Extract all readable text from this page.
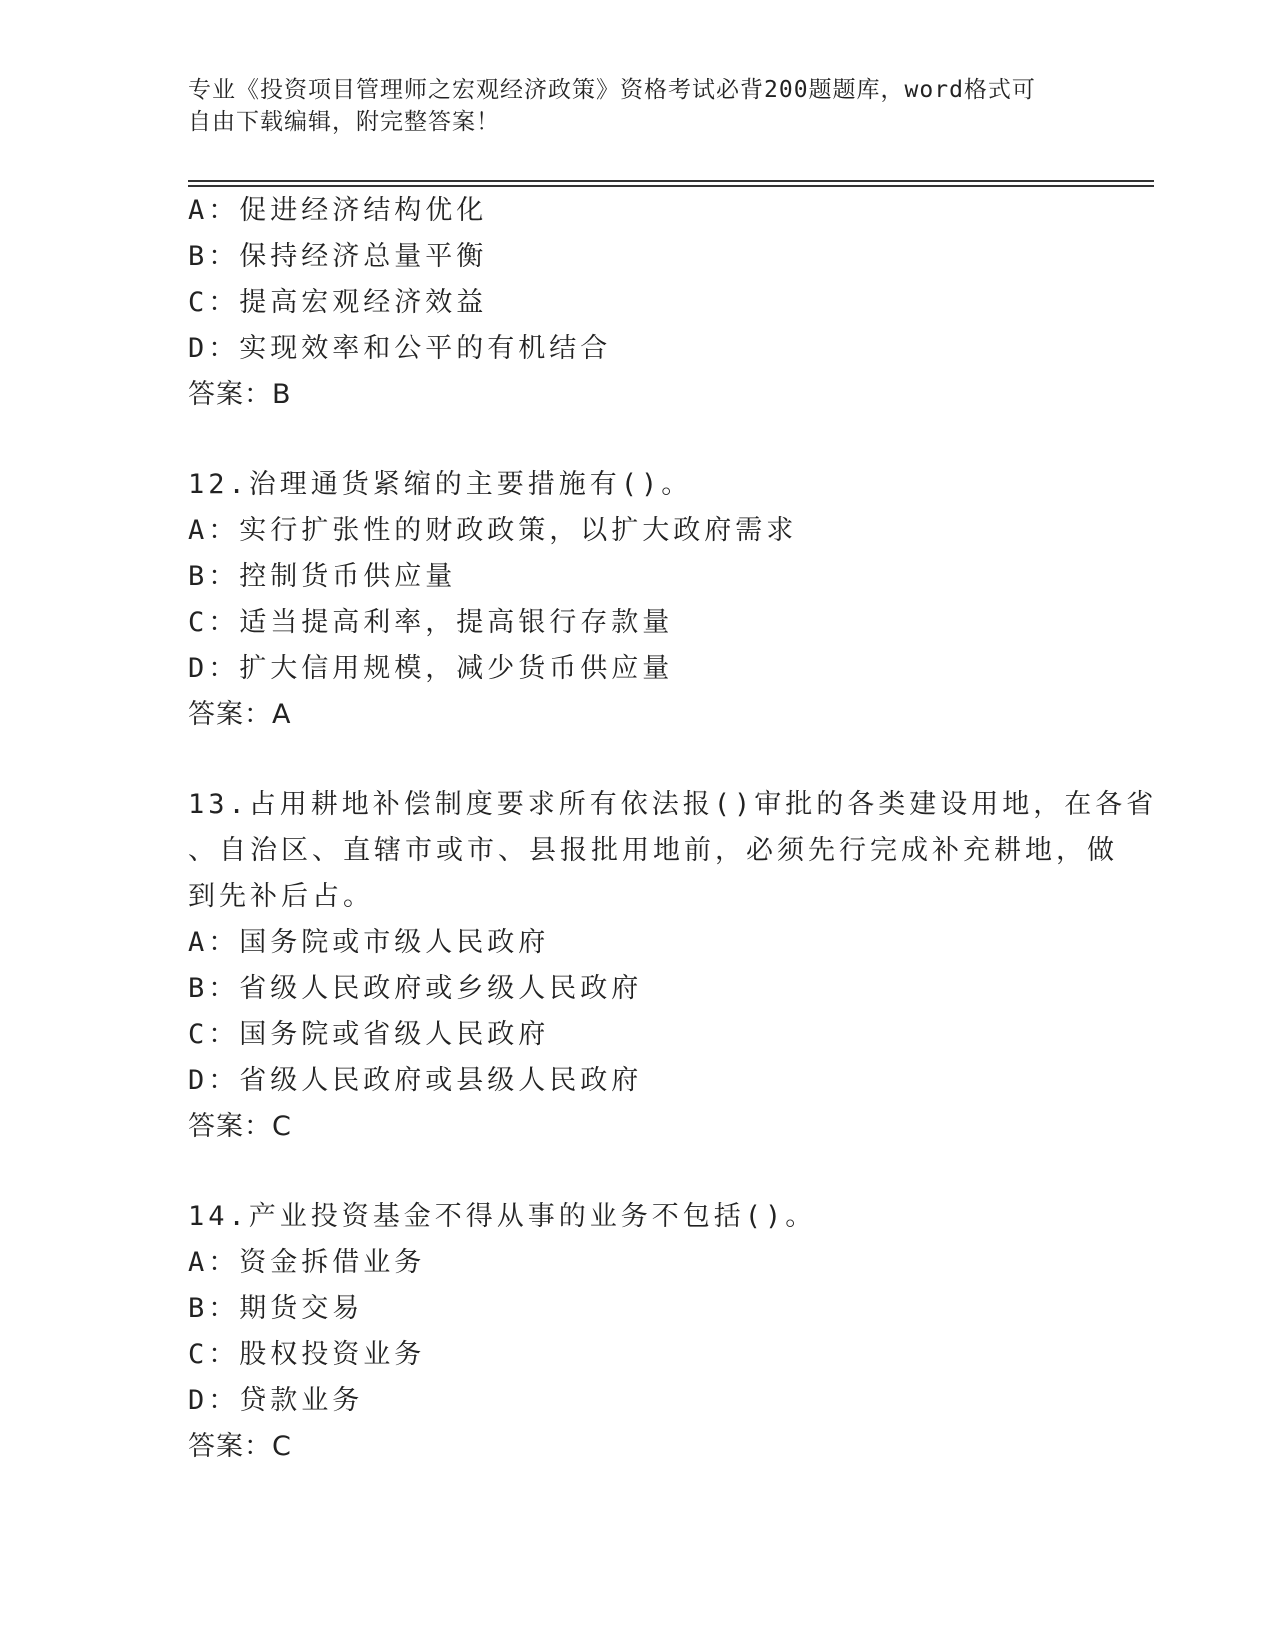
专业《投资项目管理师之宏观经济政策》资格考试必背200题题库，word格式可
自由下载编辑，附完整答案！
A：促进经济结构优化
B：保持经济总量平衡
C：提高宏观经济效益
D：实现效率和公平的有机结合
答案：B
12.治理通货紧缩的主要措施有()。
A：实行扩张性的财政政策，以扩大政府需求
B：控制货币供应量
C：适当提高利率，提高银行存款量
D：扩大信用规模，减少货币供应量
答案：A
13.占用耕地补偿制度要求所有依法报()审批的各类建设用地，在各省
、自治区、直辖市或市、县报批用地前，必须先行完成补充耕地，做
到先补后占。
A：国务院或市级人民政府
B：省级人民政府或乡级人民政府
C：国务院或省级人民政府
D：省级人民政府或县级人民政府
答案：C
14.产业投资基金不得从事的业务不包括()。
A：资金拆借业务
B：期货交易
C：股权投资业务
D：贷款业务
答案：C
